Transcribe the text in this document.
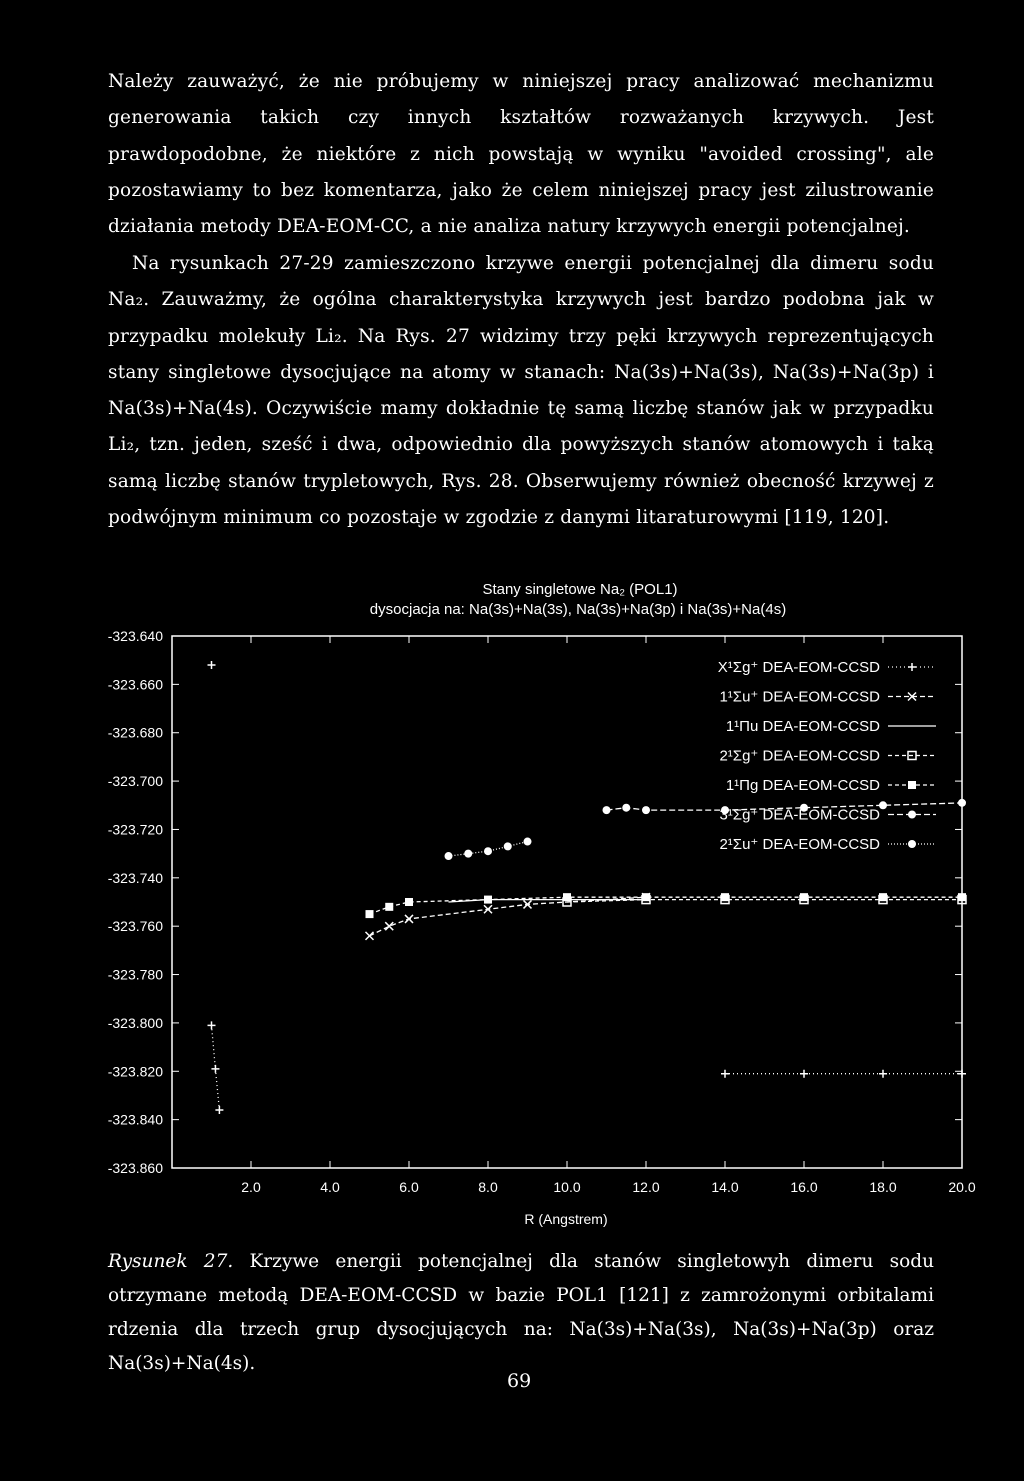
Należy zauważyć, że nie próbujemy w niniejszej pracy analizować mechanizmu generowania takich czy innych kształtów rozważanych krzywych. Jest prawdopodobne, że niektóre z nich powstają w wyniku "avoided crossing", ale pozostawiamy to bez komentarza, jako że celem niniejszej pracy jest zilustrowanie działania metody DEA-EOM-CC, a nie analiza natury krzywych energii potencjalnej.
Na rysunkach 27-29 zamieszczono krzywe energii potencjalnej dla dimeru sodu Na₂. Zauważmy, że ogólna charakterystyka krzywych jest bardzo podobna jak w przypadku molekuły Li₂. Na Rys. 27 widzimy trzy pęki krzywych reprezentujących stany singletowe dysocjujące na atomy w stanach: Na(3s)+Na(3s), Na(3s)+Na(3p) i Na(3s)+Na(4s). Oczywiście mamy dokładnie tę samą liczbę stanów jak w przypadku Li₂, tzn. jeden, sześć i dwa, odpowiednio dla powyższych stanów atomowych i taką samą liczbę stanów trypletowych, Rys. 28. Obserwujemy również obecność krzywej z podwójnym minimum co pozostaje w zgodzie z danymi litaraturowymi [119, 120].
Stany singletowe Na₂ (POL1)
dysocjacja na: Na(3s)+Na(3s), Na(3s)+Na(3p) i Na(3s)+Na(4s)
-323.640
-323.660
-323.680
-323.700
-323.720
-323.740
-323.760
-323.780
-323.800
-323.820
-323.840
-323.860
2.0	4.0	6.0	8.0	10.0	12.0	14.0	16.0	18.0	20.0
R (Angstrem)
X¹Σg⁺ DEA-EOM-CCSD
1¹Σu⁺ DEA-EOM-CCSD
1¹Πu DEA-EOM-CCSD
2¹Σg⁺ DEA-EOM-CCSD
1¹Πg DEA-EOM-CCSD
3¹Σg⁺ DEA-EOM-CCSD
2¹Σu⁺ DEA-EOM-CCSD
Rysunek 27. Krzywe energii potencjalnej dla stanów singletowyh dimeru sodu otrzymane metodą DEA-EOM-CCSD w bazie POL1 [121] z zamrożonymi orbitalami rdzenia dla trzech grup dysocjujących na: Na(3s)+Na(3s), Na(3s)+Na(3p) oraz Na(3s)+Na(4s).
69
